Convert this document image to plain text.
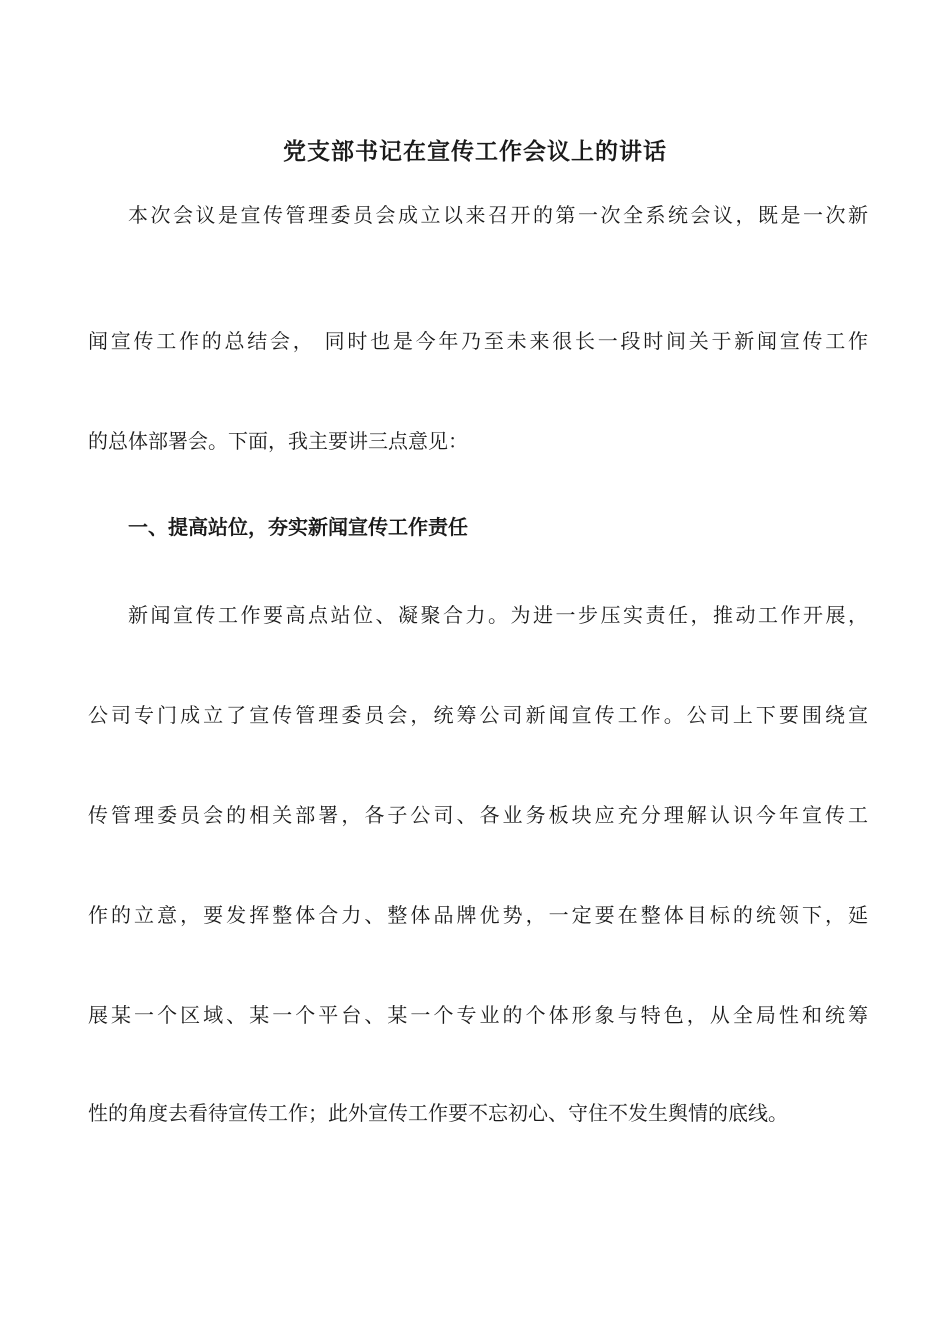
党支部书记在宣传工作会议上的讲话
本次会议是宣传管理委员会成立以来召开的第一次全系统会议，既是一次新
闻宣传工作的总结会， 同时也是今年乃至未来很长一段时间关于新闻宣传工作
的总体部署会。下面，我主要讲三点意见：
一、提高站位，夯实新闻宣传工作责任
新闻宣传工作要高点站位、凝聚合力。为进一步压实责任，推动工作开展，
公司专门成立了宣传管理委员会，统筹公司新闻宣传工作。公司上下要围绕宣
传管理委员会的相关部署，各子公司、各业务板块应充分理解认识今年宣传工
作的立意，要发挥整体合力、整体品牌优势，一定要在整体目标的统领下，延
展某一个区域、某一个平台、某一个专业的个体形象与特色，从全局性和统筹
性的角度去看待宣传工作；此外宣传工作要不忘初心、守住不发生舆情的底线。
